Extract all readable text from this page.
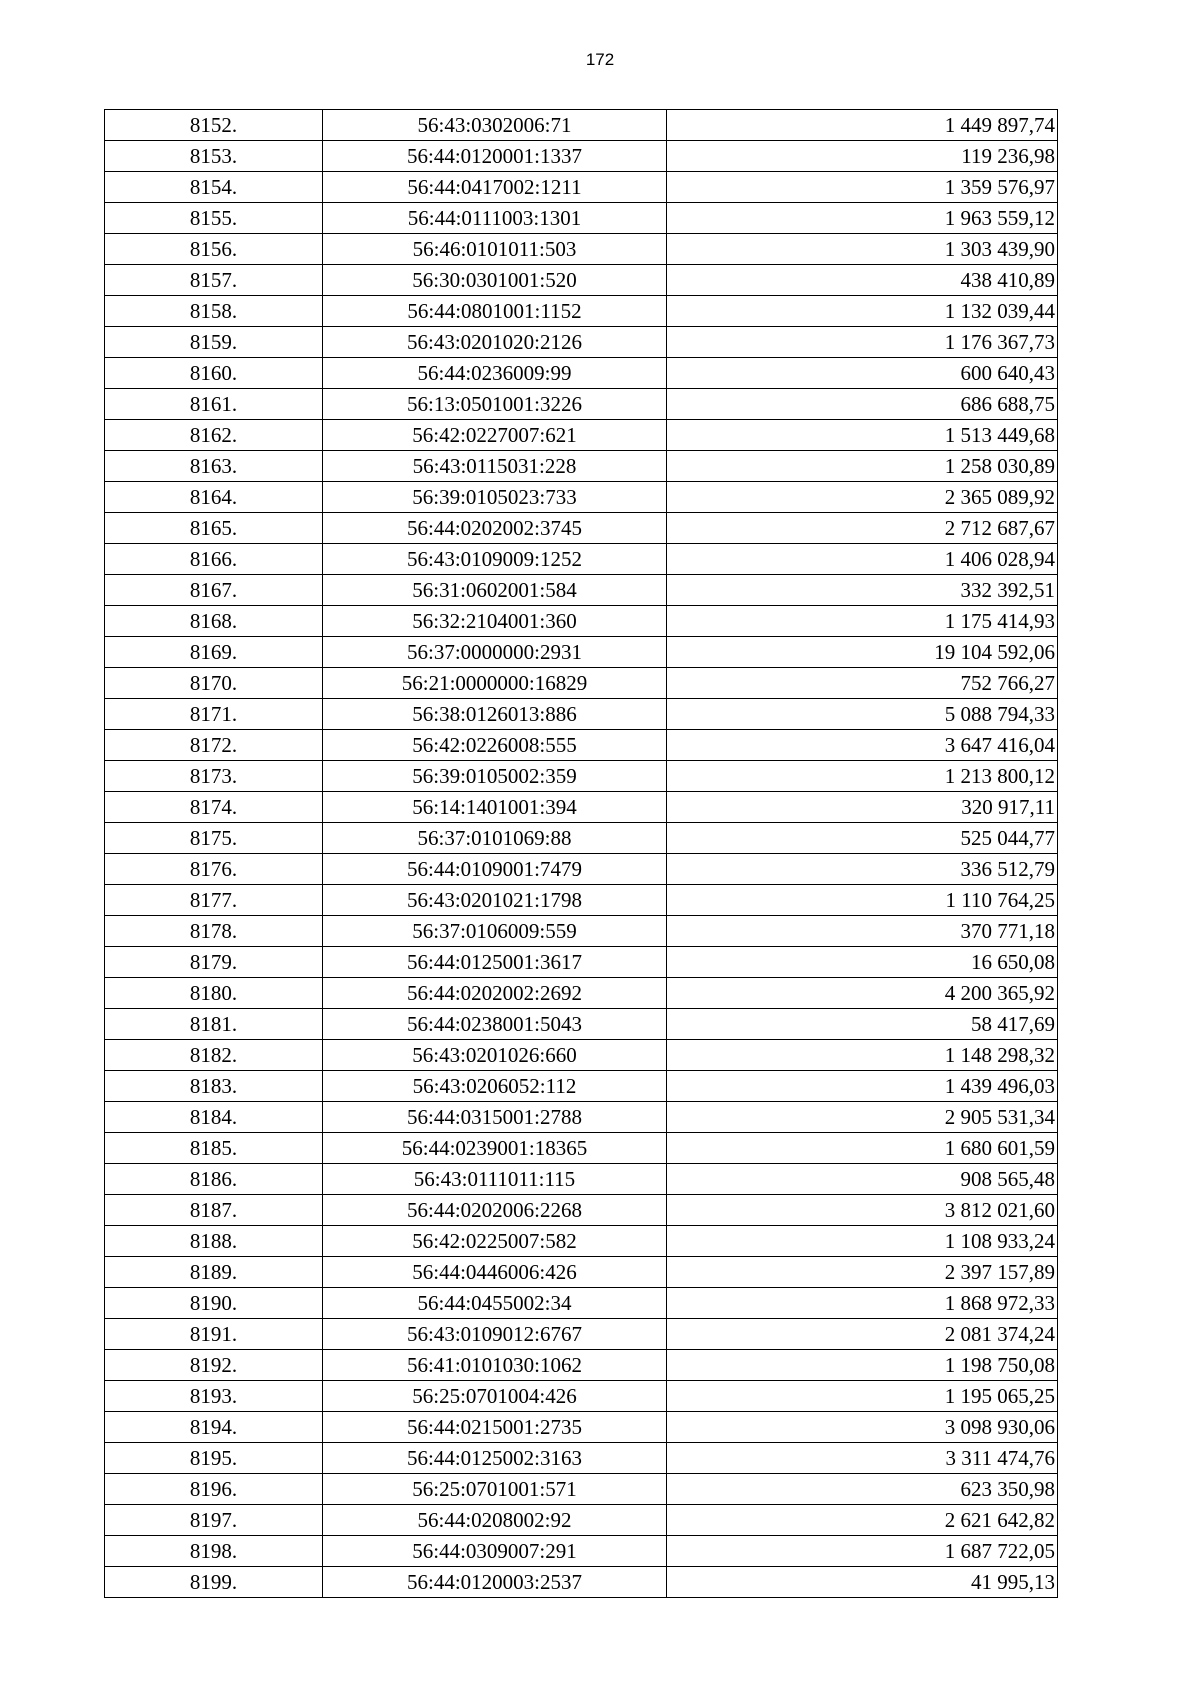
172
8152.	56:43:0302006:71	1 449 897,74
8153.	56:44:0120001:1337	119 236,98
8154.	56:44:0417002:1211	1 359 576,97
8155.	56:44:0111003:1301	1 963 559,12
8156.	56:46:0101011:503	1 303 439,90
8157.	56:30:0301001:520	438 410,89
8158.	56:44:0801001:1152	1 132 039,44
8159.	56:43:0201020:2126	1 176 367,73
8160.	56:44:0236009:99	600 640,43
8161.	56:13:0501001:3226	686 688,75
8162.	56:42:0227007:621	1 513 449,68
8163.	56:43:0115031:228	1 258 030,89
8164.	56:39:0105023:733	2 365 089,92
8165.	56:44:0202002:3745	2 712 687,67
8166.	56:43:0109009:1252	1 406 028,94
8167.	56:31:0602001:584	332 392,51
8168.	56:32:2104001:360	1 175 414,93
8169.	56:37:0000000:2931	19 104 592,06
8170.	56:21:0000000:16829	752 766,27
8171.	56:38:0126013:886	5 088 794,33
8172.	56:42:0226008:555	3 647 416,04
8173.	56:39:0105002:359	1 213 800,12
8174.	56:14:1401001:394	320 917,11
8175.	56:37:0101069:88	525 044,77
8176.	56:44:0109001:7479	336 512,79
8177.	56:43:0201021:1798	1 110 764,25
8178.	56:37:0106009:559	370 771,18
8179.	56:44:0125001:3617	16 650,08
8180.	56:44:0202002:2692	4 200 365,92
8181.	56:44:0238001:5043	58 417,69
8182.	56:43:0201026:660	1 148 298,32
8183.	56:43:0206052:112	1 439 496,03
8184.	56:44:0315001:2788	2 905 531,34
8185.	56:44:0239001:18365	1 680 601,59
8186.	56:43:0111011:115	908 565,48
8187.	56:44:0202006:2268	3 812 021,60
8188.	56:42:0225007:582	1 108 933,24
8189.	56:44:0446006:426	2 397 157,89
8190.	56:44:0455002:34	1 868 972,33
8191.	56:43:0109012:6767	2 081 374,24
8192.	56:41:0101030:1062	1 198 750,08
8193.	56:25:0701004:426	1 195 065,25
8194.	56:44:0215001:2735	3 098 930,06
8195.	56:44:0125002:3163	3 311 474,76
8196.	56:25:0701001:571	623 350,98
8197.	56:44:0208002:92	2 621 642,82
8198.	56:44:0309007:291	1 687 722,05
8199.	56:44:0120003:2537	41 995,13
